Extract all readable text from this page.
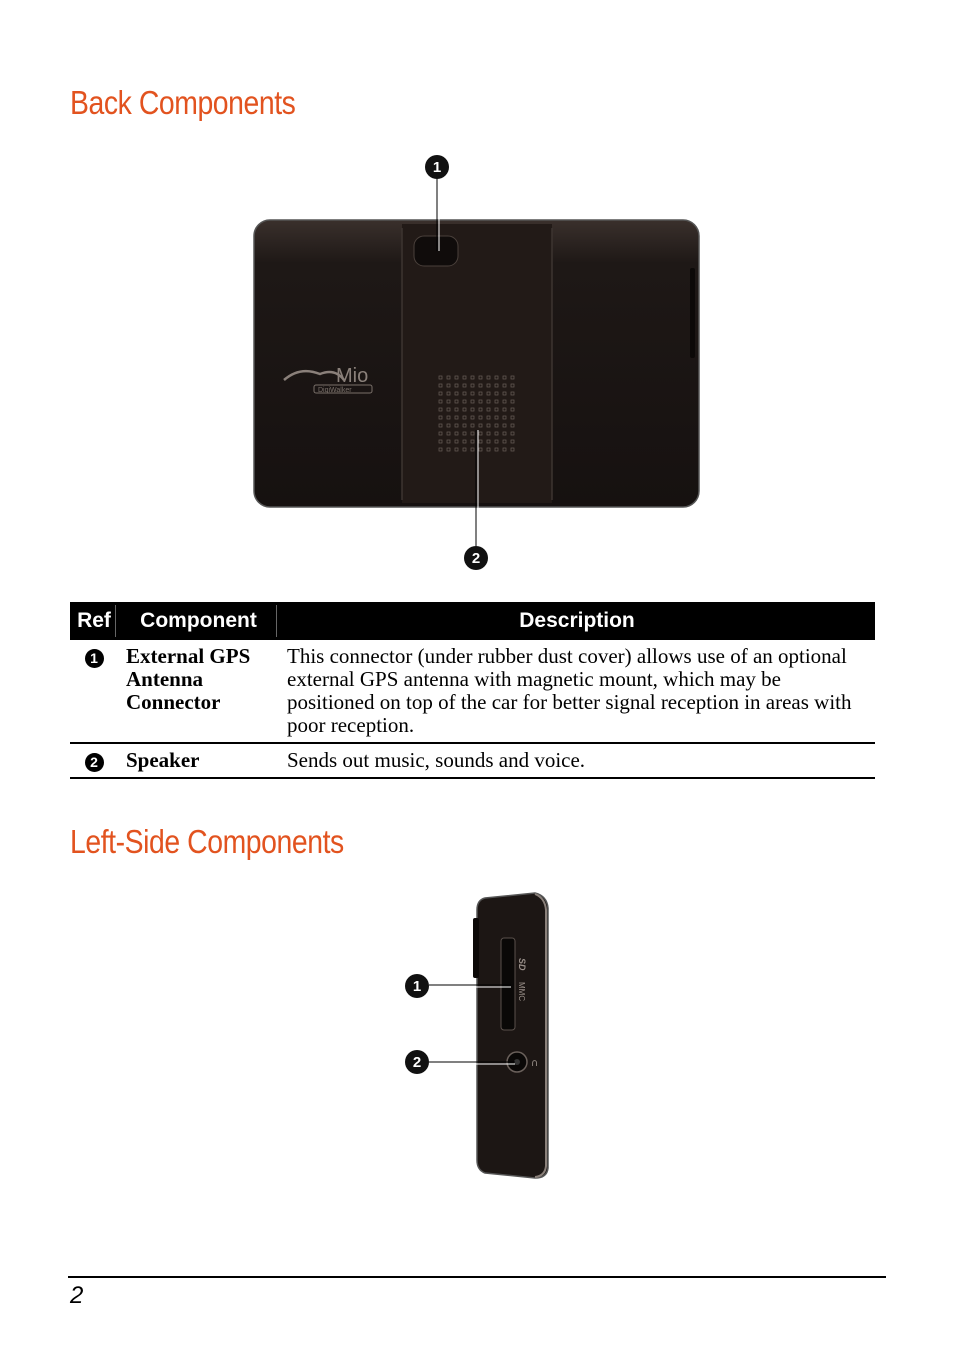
Back Components
Mio
DigiWalker
1
2
Ref	Component	Description
1	External GPS Antenna Connector	This connector (under rubber dust cover) allows use of an optional external GPS antenna with magnetic mount, which may be positioned on top of the car for better signal reception in areas with poor reception.
2	Speaker	Sends out music, sounds and voice.
Left-Side Components
SD
MMC
∩
1
2
2
